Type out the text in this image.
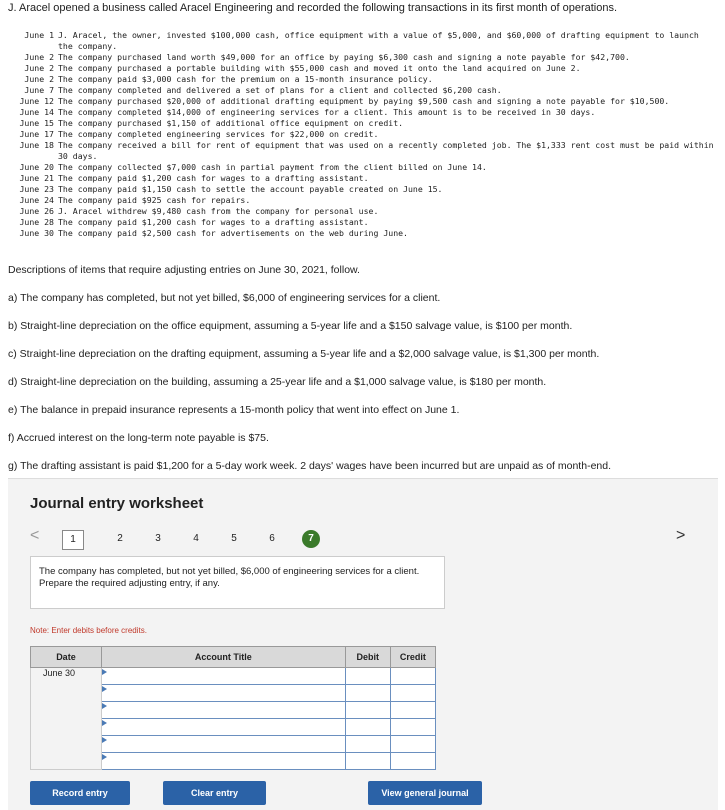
J. Aracel opened a business called Aracel Engineering and recorded the following transactions in its first month of operations.
June 1 J. Aracel, the owner, invested $100,000 cash, office equipment with a value of $5,000, and $60,000 of drafting equipment to launch the company.
June 2 The company purchased land worth $49,000 for an office by paying $6,300 cash and signing a note payable for $42,700.
June 2 The company purchased a portable building with $55,000 cash and moved it onto the land acquired on June 2.
June 2 The company paid $3,000 cash for the premium on a 15-month insurance policy.
June 7 The company completed and delivered a set of plans for a client and collected $6,200 cash.
June 12 The company purchased $20,000 of additional drafting equipment by paying $9,500 cash and signing a note payable for $10,500.
June 14 The company completed $14,000 of engineering services for a client. This amount is to be received in 30 days.
June 15 The company purchased $1,150 of additional office equipment on credit.
June 17 The company completed engineering services for $22,000 on credit.
June 18 The company received a bill for rent of equipment that was used on a recently completed job. The $1,333 rent cost must be paid within 30 days.
June 20 The company collected $7,000 cash in partial payment from the client billed on June 14.
June 21 The company paid $1,200 cash for wages to a drafting assistant.
June 23 The company paid $1,150 cash to settle the account payable created on June 15.
June 24 The company paid $925 cash for repairs.
June 26 J. Aracel withdrew $9,480 cash from the company for personal use.
June 28 The company paid $1,200 cash for wages to a drafting assistant.
June 30 The company paid $2,500 cash for advertisements on the web during June.
Descriptions of items that require adjusting entries on June 30, 2021, follow.
a) The company has completed, but not yet billed, $6,000 of engineering services for a client.
b) Straight-line depreciation on the office equipment, assuming a 5-year life and a $150 salvage value, is $100 per month.
c) Straight-line depreciation on the drafting equipment, assuming a 5-year life and a $2,000 salvage value, is $1,300 per month.
d) Straight-line depreciation on the building, assuming a 25-year life and a $1,000 salvage value, is $180 per month.
e) The balance in prepaid insurance represents a 15-month policy that went into effect on June 1.
f) Accrued interest on the long-term note payable is $75.
g) The drafting assistant is paid $1,200 for a 5-day work week. 2 days' wages have been incurred but are unpaid as of month-end.
Journal entry worksheet
<	1	2	3	4	5	6	7	>
The company has completed, but not yet billed, $6,000 of engineering services for a client. Prepare the required adjusting entry, if any.
Note: Enter debits before credits.
Date	Account Title	Debit	Credit
June 30	

Record entry	Clear entry	View general journal
